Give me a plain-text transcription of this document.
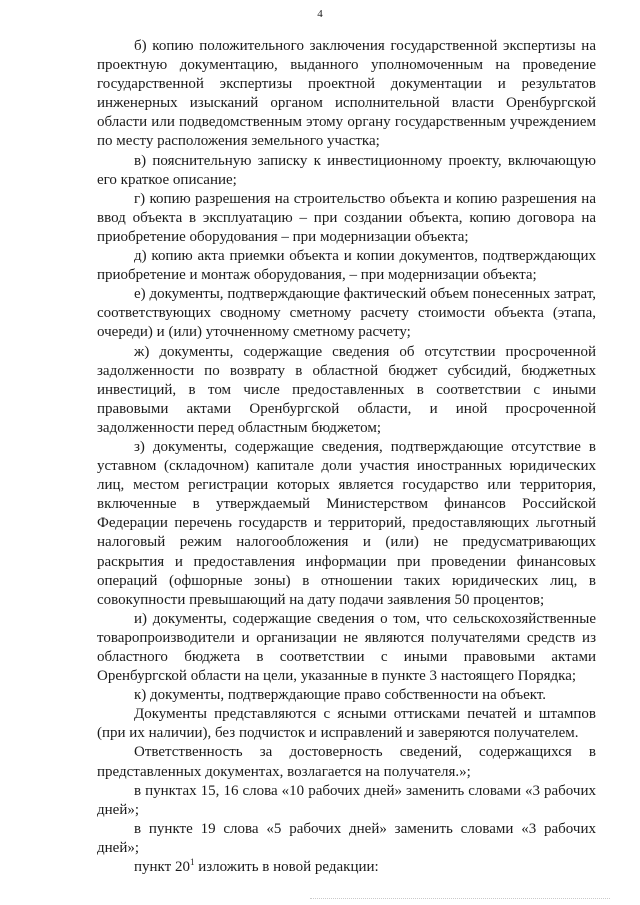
4

б) копию положительного заключения государственной экспертизы на проектную документацию, выданного уполномоченным на проведение государственной экспертизы проектной документации и результатов инженерных изысканий органом исполнительной власти Оренбургской области или подведомственным этому органу государственным учреждением по месту расположения земельного участка;

в) пояснительную записку к инвестиционному проекту, включающую его краткое описание;

г) копию разрешения на строительство объекта и копию разрешения на ввод объекта в эксплуатацию – при создании объекта, копию договора на приобретение оборудования – при модернизации объекта;

д) копию акта приемки объекта и копии документов, подтверждающих приобретение и монтаж оборудования, – при модернизации объекта;

е) документы, подтверждающие фактический объем понесенных затрат, соответствующих сводному сметному расчету стоимости объекта (этапа, очереди) и (или) уточненному сметному расчету;

ж) документы, содержащие сведения об отсутствии просроченной задолженности по возврату в областной бюджет субсидий, бюджетных инвестиций, в том числе предоставленных в соответствии с иными правовыми актами Оренбургской области, и иной просроченной задолженности перед областным бюджетом;

з) документы, содержащие сведения, подтверждающие отсутствие в уставном (складочном) капитале доли участия иностранных юридических лиц, местом регистрации которых является государство или территория, включенные в утверждаемый Министерством финансов Российской Федерации перечень государств и территорий, предоставляющих льготный налоговый режим налогообложения и (или) не предусматривающих раскрытия и предоставления информации при проведении финансовых операций (офшорные зоны) в отношении таких юридических лиц, в совокупности превышающий на дату подачи заявления 50 процентов;

и) документы, содержащие сведения о том, что сельскохозяйственные товаропроизводители и организации не являются получателями средств из областного бюджета в соответствии с иными правовыми актами Оренбургской области на цели, указанные в пункте 3 настоящего Порядка;

к) документы, подтверждающие право собственности на объект.

Документы представляются с ясными оттисками печатей и штампов (при их наличии), без подчисток и исправлений и заверяются получателем.

Ответственность за достоверность сведений, содержащихся в представленных документах, возлагается на получателя.»;

в пунктах 15, 16 слова «10 рабочих дней» заменить словами «3 рабочих дней»;

в пункте 19 слова «5 рабочих дней» заменить словами «3 рабочих дней»;

пункт $20^1$ изложить в новой редакции:
